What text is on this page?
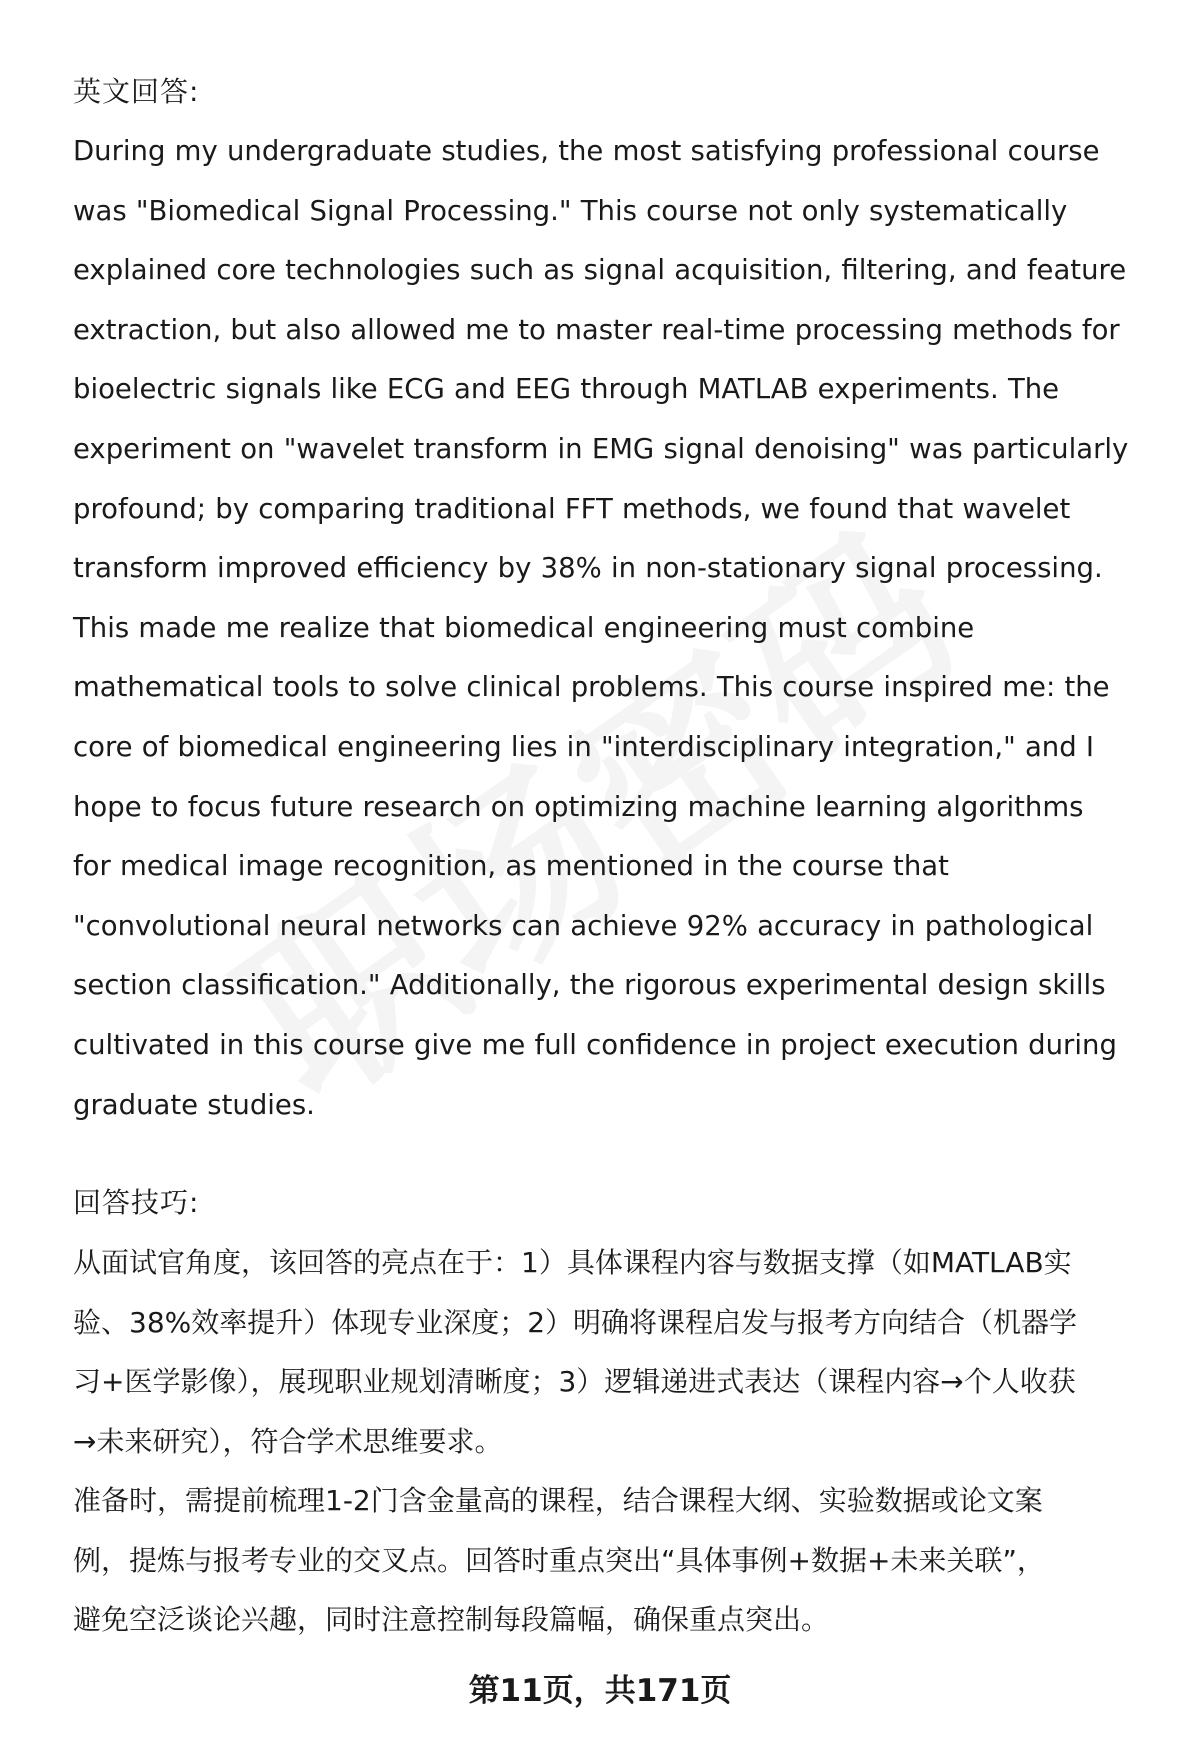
英文回答:

During my undergraduate studies, the most satisfying professional course
was "Biomedical Signal Processing." This course not only systematically
explained core technologies such as signal acquisition, filtering, and feature
extraction, but also allowed me to master real-time processing methods for
bioelectric signals like ECG and EEG through MATLAB experiments. The
experiment on "wavelet transform in EMG signal denoising" was particularly
profound; by comparing traditional FFT methods, we found that wavelet
transform improved efficiency by 38% in non-stationary signal processing.
This made me realize that biomedical engineering must combine
mathematical tools to solve clinical problems. This course inspired me: the
core of biomedical engineering lies in "interdisciplinary integration," and I
hope to focus future research on optimizing machine learning algorithms
for medical image recognition, as mentioned in the course that
"convolutional neural networks can achieve 92% accuracy in pathological
section classification." Additionally, the rigorous experimental design skills
cultivated in this course give me full confidence in project execution during
graduate studies.

回答技巧:

从面试官角度，该回答的亮点在于：1）具体课程内容与数据支撑（如MATLAB实
验、38%效率提升）体现专业深度；2）明确将课程启发与报考方向结合（机器学
习+医学影像），展现职业规划清晰度；3）逻辑递进式表达（课程内容→个人收获
→未来研究），符合学术思维要求。
准备时，需提前梳理1-2门含金量高的课程，结合课程大纲、实验数据或论文案
例，提炼与报考专业的交叉点。回答时重点突出“具体事例+数据+未来关联”，
避免空泛谈论兴趣，同时注意控制每段篇幅，确保重点突出。
第11页，共171页
